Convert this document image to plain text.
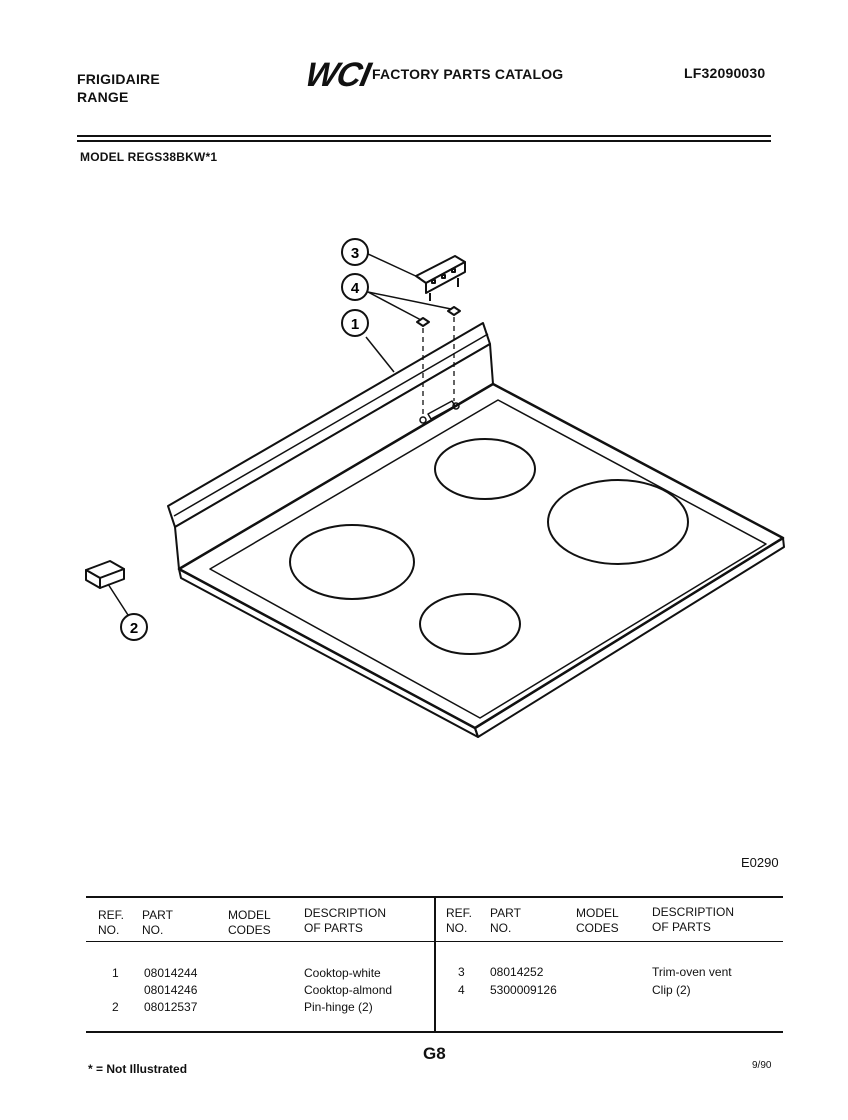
FRIGIDAIRE
RANGE
WCI
FACTORY PARTS CATALOG	LF32090030
MODEL REGS38BKW*1
3
4
1
2
E0290
REF.
NO.
PART
NO.
MODEL
CODES
DESCRIPTION
OF PARTS
REF.
NO.
PART
NO.
MODEL
CODES
DESCRIPTION
OF PARTS
1 08014244	Cooktop-white
08014246	Cooktop-almond
2 08012537	Pin-hinge (2)
3 08014252	Trim-oven vent
4 5300009126	Clip (2)
* = Not Illustrated
G8
9/90
